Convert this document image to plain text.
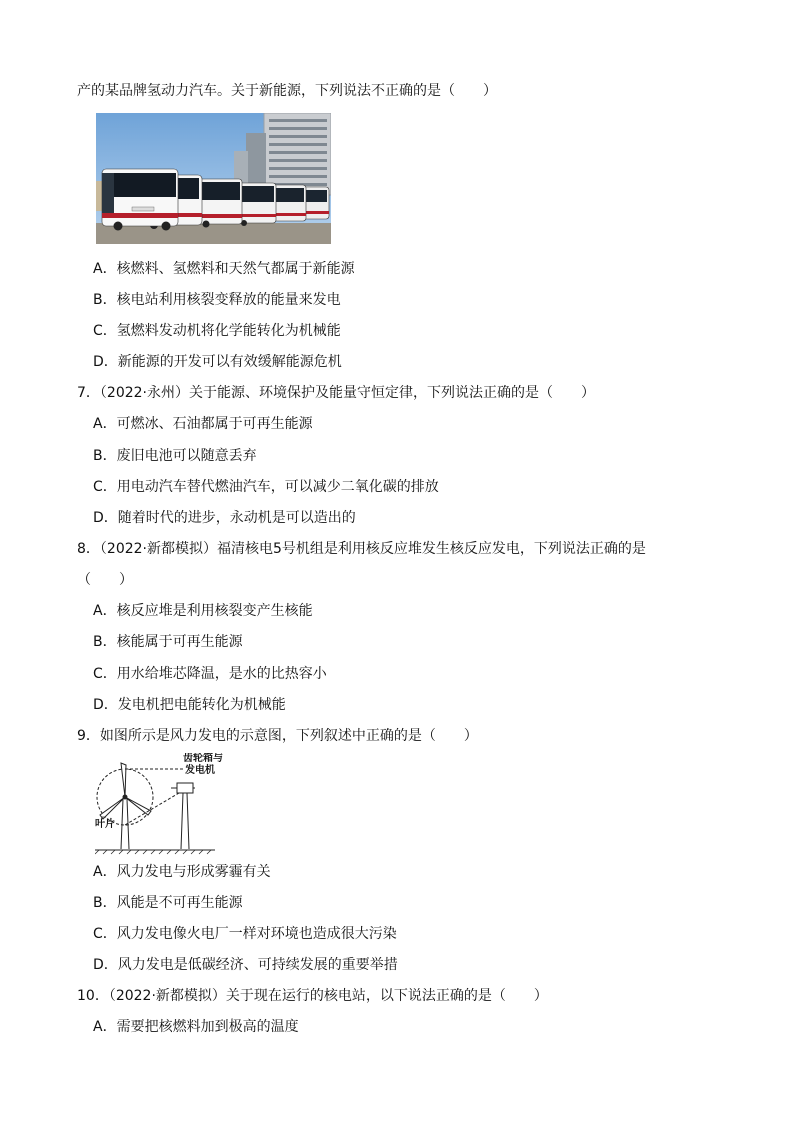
产的某品牌氢动力汽车。关于新能源，下列说法不正确的是（　　）
A．核燃料、氢燃料和天然气都属于新能源
B．核电站利用核裂变释放的能量来发电
C．氢燃料发动机将化学能转化为机械能
D．新能源的开发可以有效缓解能源危机
7．（2022·永州）关于能源、环境保护及能量守恒定律，下列说法正确的是（　　）
A．可燃冰、石油都属于可再生能源
B．废旧电池可以随意丢弃
C．用电动汽车替代燃油汽车，可以减少二氧化碳的排放
D．随着时代的进步，永动机是可以造出的
8．（2022·新都模拟）福清核电5号机组是利用核反应堆发生核反应发电，下列说法正确的是
（　　）
A．核反应堆是利用核裂变产生核能
B．核能属于可再生能源
C．用水给堆芯降温，是水的比热容小
D．发电机把电能转化为机械能
9．如图所示是风力发电的示意图，下列叙述中正确的是（　　）
齿轮箱与
发电机
叶片
A．风力发电与形成雾霾有关
B．风能是不可再生能源
C．风力发电像火电厂一样对环境也造成很大污染
D．风力发电是低碳经济、可持续发展的重要举措
10．（2022·新都模拟）关于现在运行的核电站，以下说法正确的是（　　）
A．需要把核燃料加到极高的温度
